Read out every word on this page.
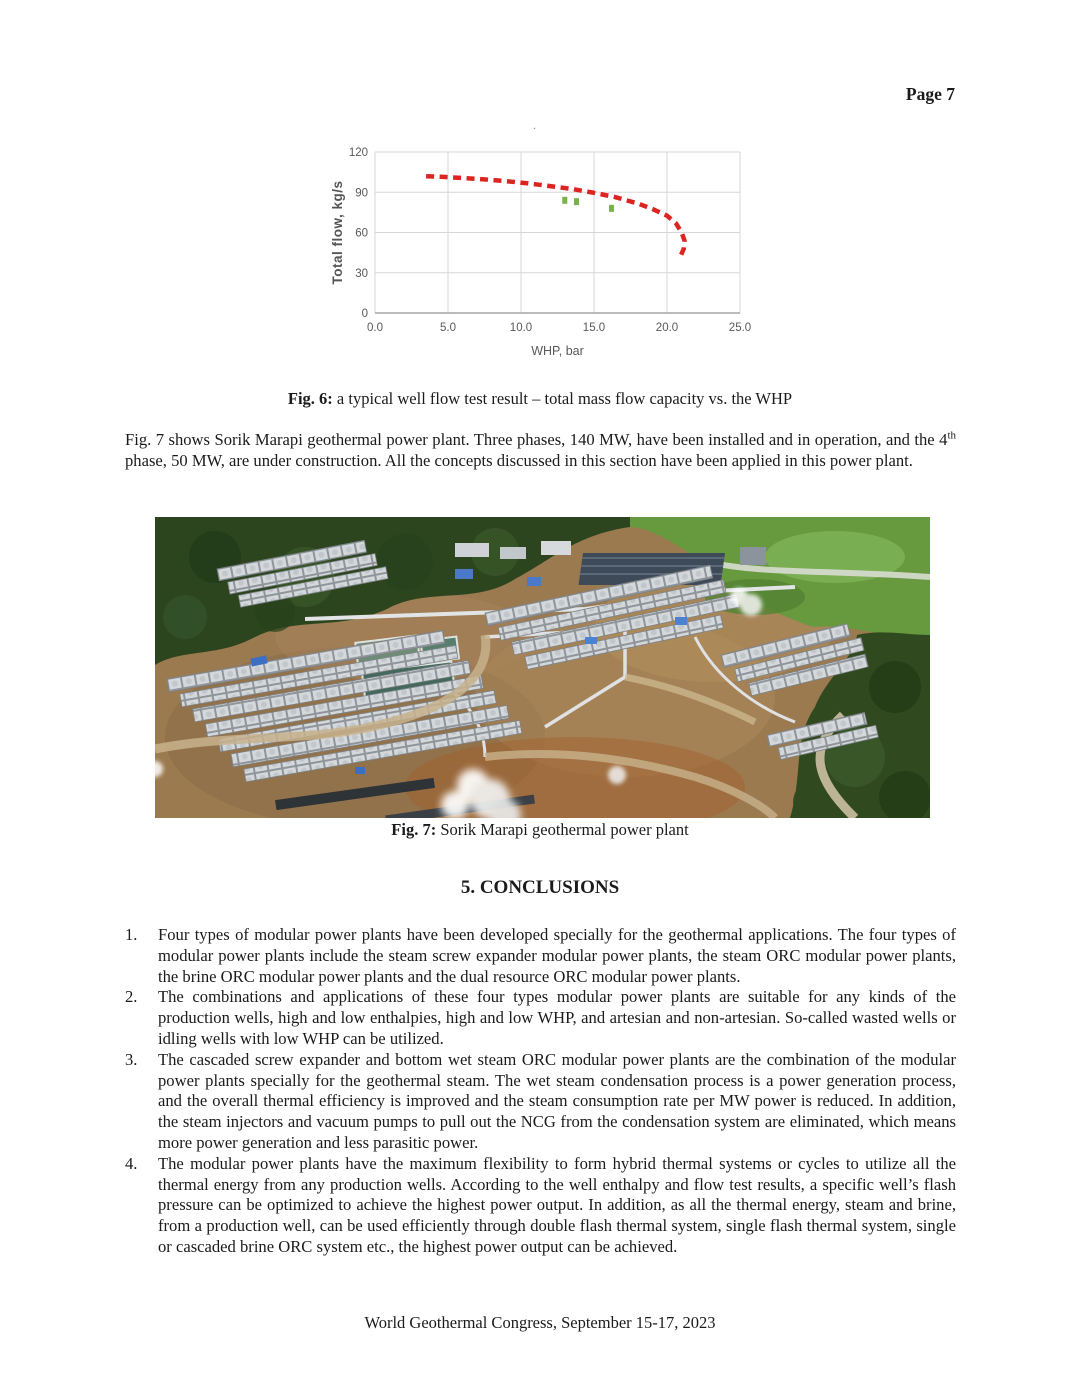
Page 7
.
0.0	5.0	10.0	15.0	20.0	25.0
0
30
60
90
120
WHP, bar
Total flow, kg/s
Fig. 6: a typical well flow test result – total mass flow capacity vs. the WHP

Fig. 7 shows Sorik Marapi geothermal power plant. Three phases, 140 MW, have been installed and in operation, and the 4th phase, 50 MW, are under construction. All the concepts discussed in this section have been applied in this power plant.

Fig. 7: Sorik Marapi geothermal power plant
5. CONCLUSIONS
1.	Four types of modular power plants have been developed specially for the geothermal applications. The four types of modular power plants include the steam screw expander modular power plants, the steam ORC modular power plants, the brine ORC modular power plants and the dual resource ORC modular power plants.
2.	The combinations and applications of these four types modular power plants are suitable for any kinds of the production wells, high and low enthalpies, high and low WHP, and artesian and non-artesian. So-called wasted wells or idling wells with low WHP can be utilized.
3.	The cascaded screw expander and bottom wet steam ORC modular power plants are the combination of the modular power plants specially for the geothermal steam. The wet steam condensation process is a power generation process, and the overall thermal efficiency is improved and the steam consumption rate per MW power is reduced. In addition, the steam injectors and vacuum pumps to pull out the NCG from the condensation system are eliminated, which means more power generation and less parasitic power.
4.	The modular power plants have the maximum flexibility to form hybrid thermal systems or cycles to utilize all the thermal energy from any production wells. According to the well enthalpy and flow test results, a specific well’s flash pressure can be optimized to achieve the highest power output. In addition, as all the thermal energy, steam and brine, from a production well, can be used efficiently through double flash thermal system, single flash thermal system, single or cascaded brine ORC system etc., the highest power output can be achieved.
World Geothermal Congress, September 15-17, 2023
